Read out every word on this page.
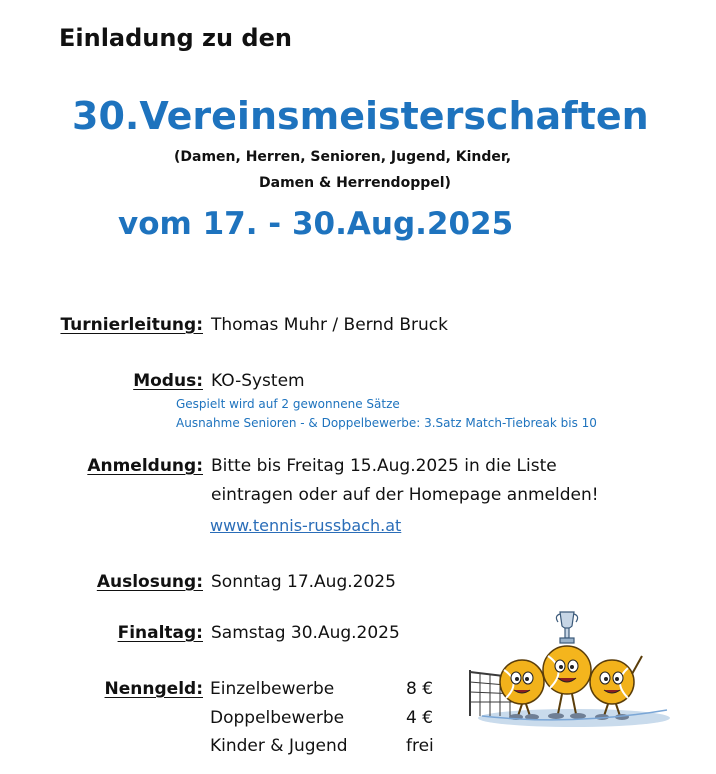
Einladung zu den
30.Vereinsmeisterschaften
(Damen, Herren, Senioren, Jugend, Kinder,
Damen & Herrendoppel)
vom 17. - 30.Aug.2025
Turnierleitung: Thomas Muhr / Bernd Bruck
Modus: KO-System
Gespielt wird auf 2 gewonnene Sätze
Ausnahme Senioren - & Doppelbewerbe: 3.Satz Match-Tiebreak bis 10
Anmeldung: Bitte bis Freitag 15.Aug.2025 in die Liste
eintragen oder auf der Homepage anmelden!
www.tennis-russbach.at
Auslosung: Sonntag 17.Aug.2025
Finaltag: Samstag 30.Aug.2025
Nenngeld: Einzelbewerbe	8 €
Doppelbewerbe	4 €
Kinder & Jugend	frei
